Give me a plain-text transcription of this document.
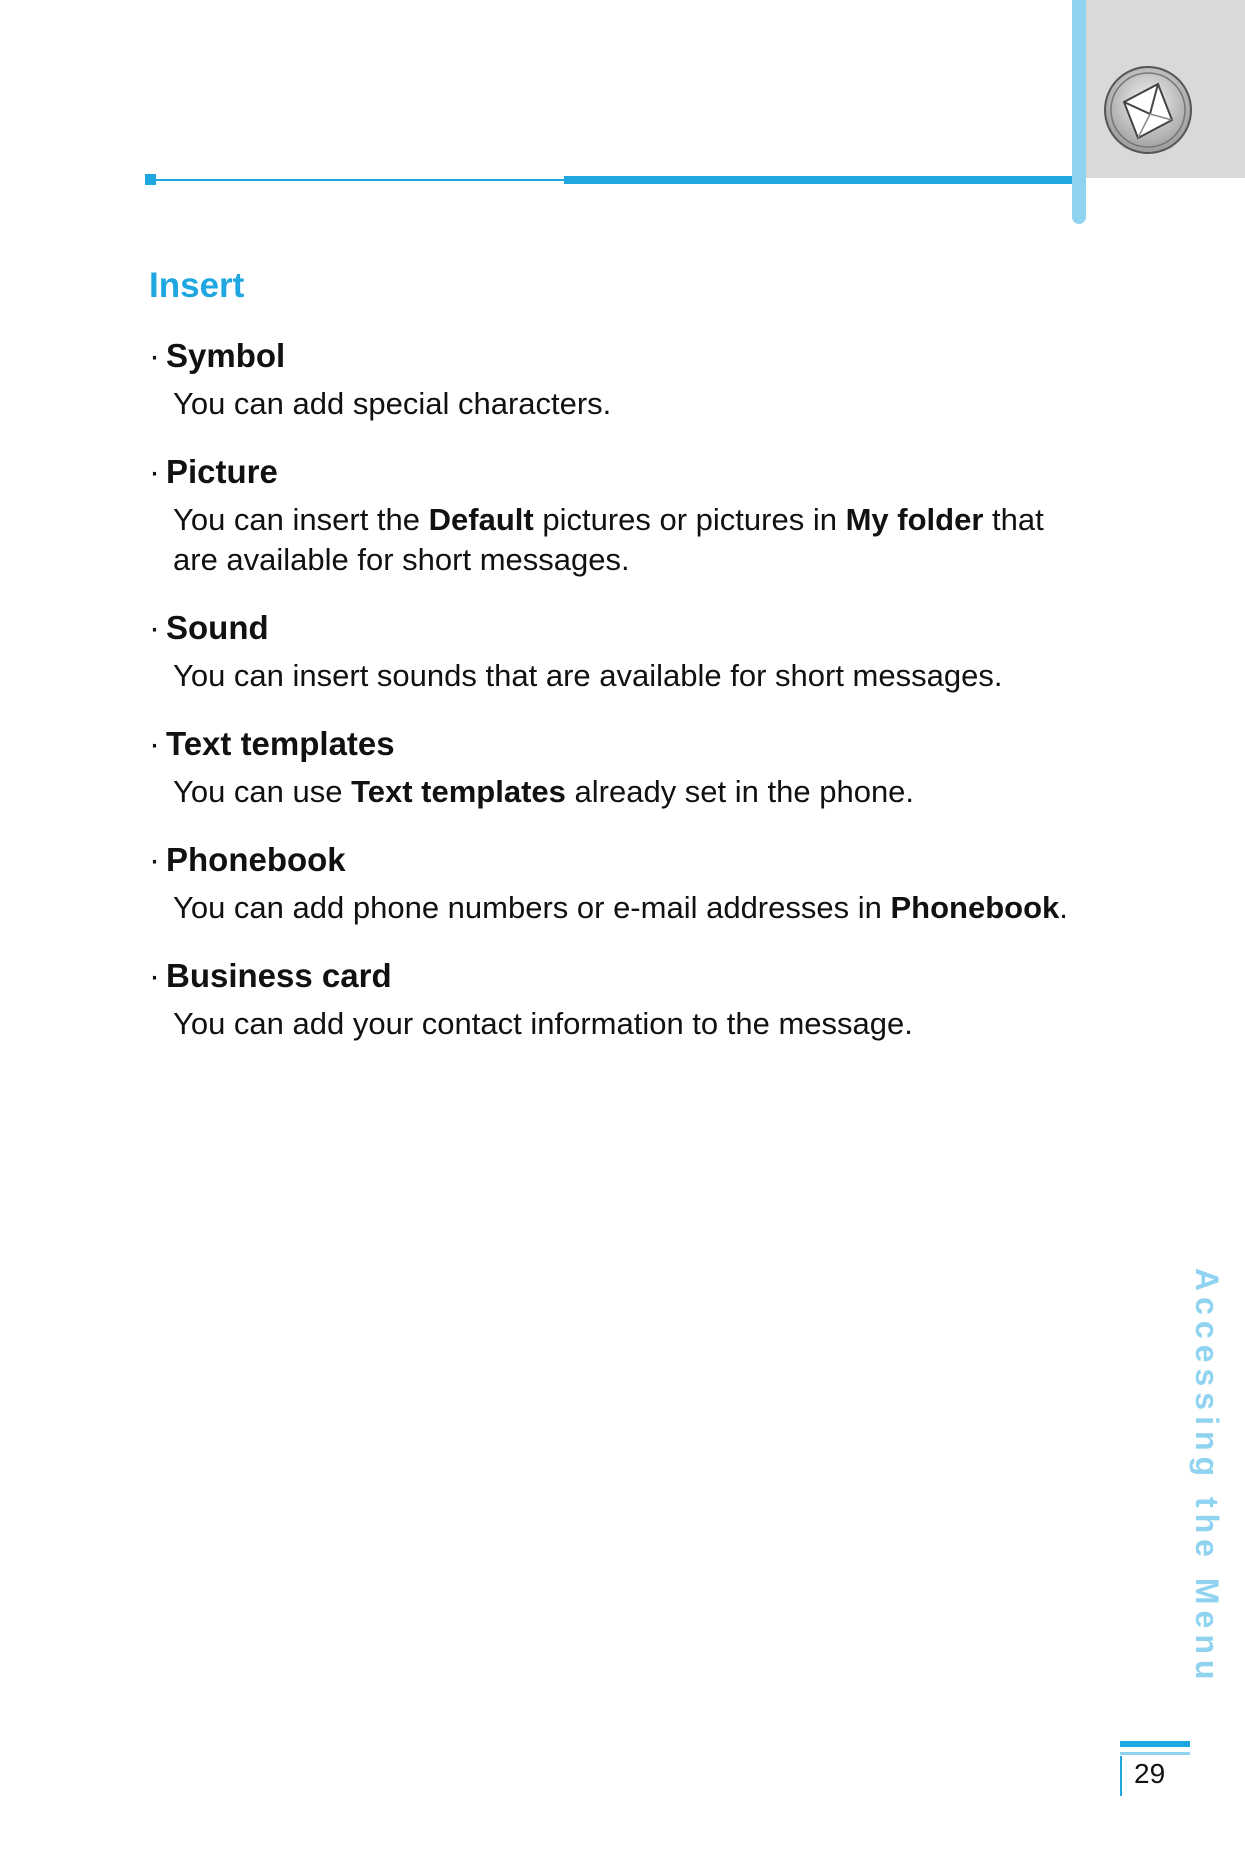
Insert
· Symbol
You can add special characters.
· Picture
You can insert the Default pictures or pictures in My folder that are available for short messages.
· Sound
You can insert sounds that are available for short messages.
· Text templates
You can use Text templates already set in the phone.
· Phonebook
You can add phone numbers or e-mail addresses in Phonebook.
· Business card
You can add your contact information to the message.
Accessing the Menu
29
